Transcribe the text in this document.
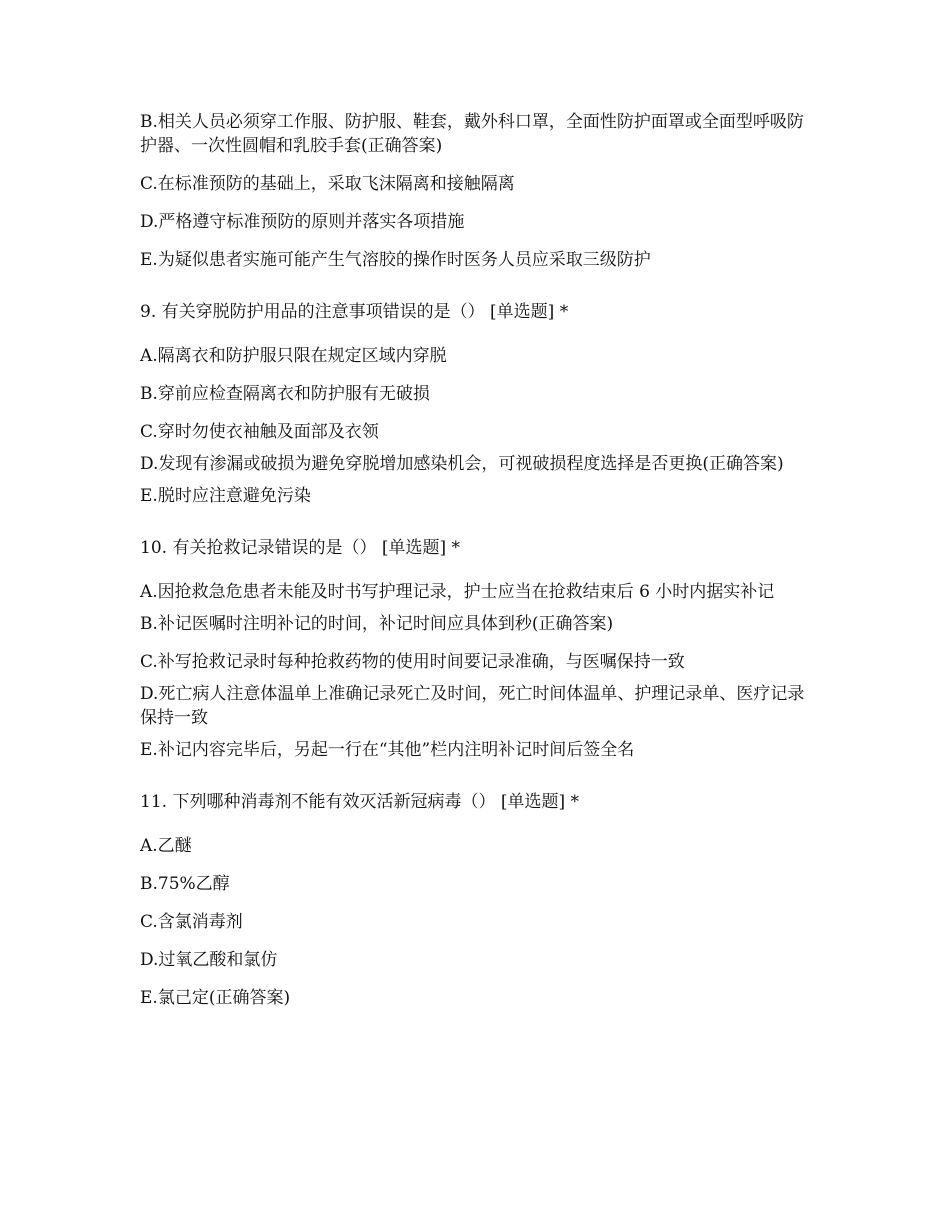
B.相关人员必须穿工作服、防护服、鞋套，戴外科口罩，全面性防护面罩或全面型呼吸防护器、一次性圆帽和乳胶手套(正确答案)

C.在标准预防的基础上，采取飞沫隔离和接触隔离

D.严格遵守标准预防的原则并落实各项措施

E.为疑似患者实施可能产生气溶胶的操作时医务人员应采取三级防护

9. 有关穿脱防护用品的注意事项错误的是（） [单选题] *

A.隔离衣和防护服只限在规定区域内穿脱

B.穿前应检查隔离衣和防护服有无破损

C.穿时勿使衣袖触及面部及衣领

D.发现有渗漏或破损为避免穿脱增加感染机会，可视破损程度选择是否更换(正确答案)

E.脱时应注意避免污染

10. 有关抢救记录错误的是（） [单选题] *

A.因抢救急危患者未能及时书写护理记录，护士应当在抢救结束后 6 小时内据实补记

B.补记医嘱时注明补记的时间，补记时间应具体到秒(正确答案)

C.补写抢救记录时每种抢救药物的使用时间要记录准确，与医嘱保持一致

D.死亡病人注意体温单上准确记录死亡及时间，死亡时间体温单、护理记录单、医疗记录保持一致

E.补记内容完毕后，另起一行在“其他”栏内注明补记时间后签全名

11. 下列哪种消毒剂不能有效灭活新冠病毒（） [单选题] *

A.乙醚

B.75%乙醇

C.含氯消毒剂

D.过氧乙酸和氯仿

E.氯己定(正确答案)
